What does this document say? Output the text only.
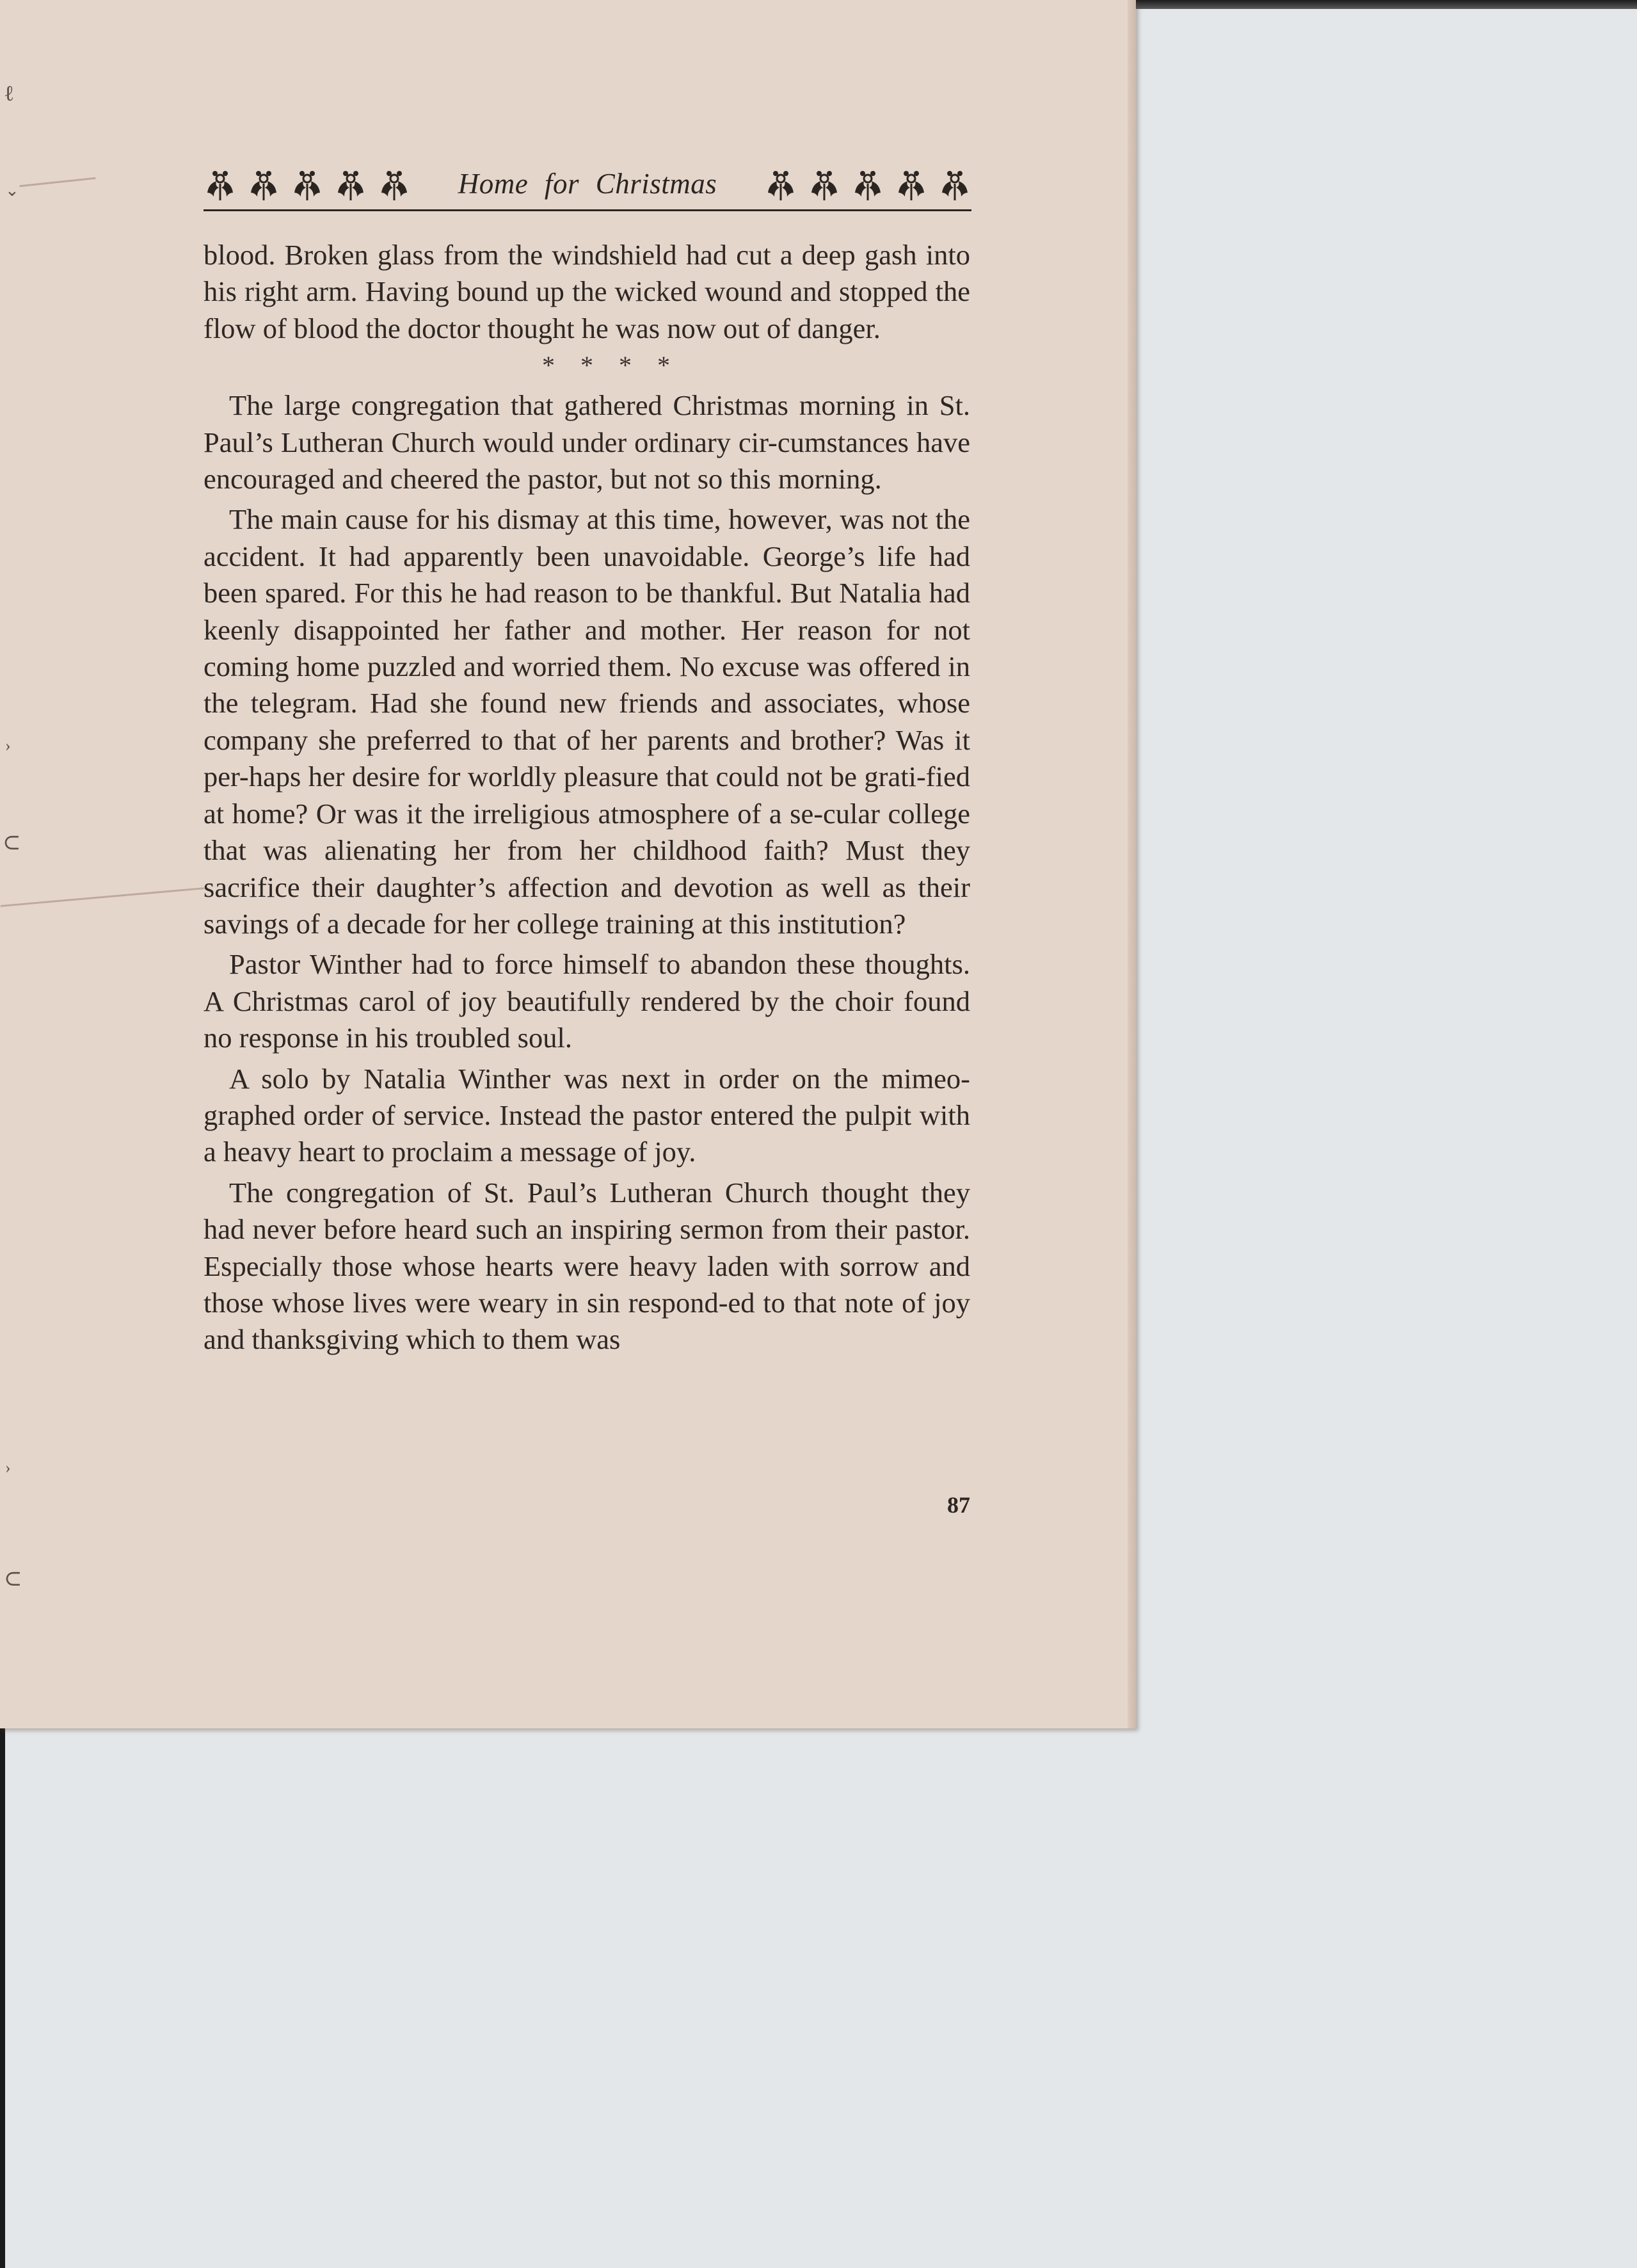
ℓ
⌄
›
⊂
›
⊂
Home for Christmas

blood. Broken glass from the windshield had cut a deep gash into his right arm. Having bound up the wicked wound and stopped the flow of blood the doctor thought he was now out of danger.

* * * *

The large congregation that gathered Christmas morning in St. Paul’s Lutheran Church would under ordinary cir-cumstances have encouraged and cheered the pastor, but not so this morning.

The main cause for his dismay at this time, however, was not the accident. It had apparently been unavoidable. George’s life had been spared. For this he had reason to be thankful. But Natalia had keenly disappointed her father and mother. Her reason for not coming home puzzled and worried them. No excuse was offered in the telegram. Had she found new friends and associates, whose company she preferred to that of her parents and brother? Was it per-haps her desire for worldly pleasure that could not be grati-fied at home? Or was it the irreligious atmosphere of a se-cular college that was alienating her from her childhood faith? Must they sacrifice their daughter’s affection and devotion as well as their savings of a decade for her college training at this institution?

Pastor Winther had to force himself to abandon these thoughts. A Christmas carol of joy beautifully rendered by the choir found no response in his troubled soul.

A solo by Natalia Winther was next in order on the mimeo-graphed order of service. Instead the pastor entered the pulpit with a heavy heart to proclaim a message of joy.

The congregation of St. Paul’s Lutheran Church thought they had never before heard such an inspiring sermon from their pastor. Especially those whose hearts were heavy laden with sorrow and those whose lives were weary in sin respond-ed to that note of joy and thanksgiving which to them was

87
